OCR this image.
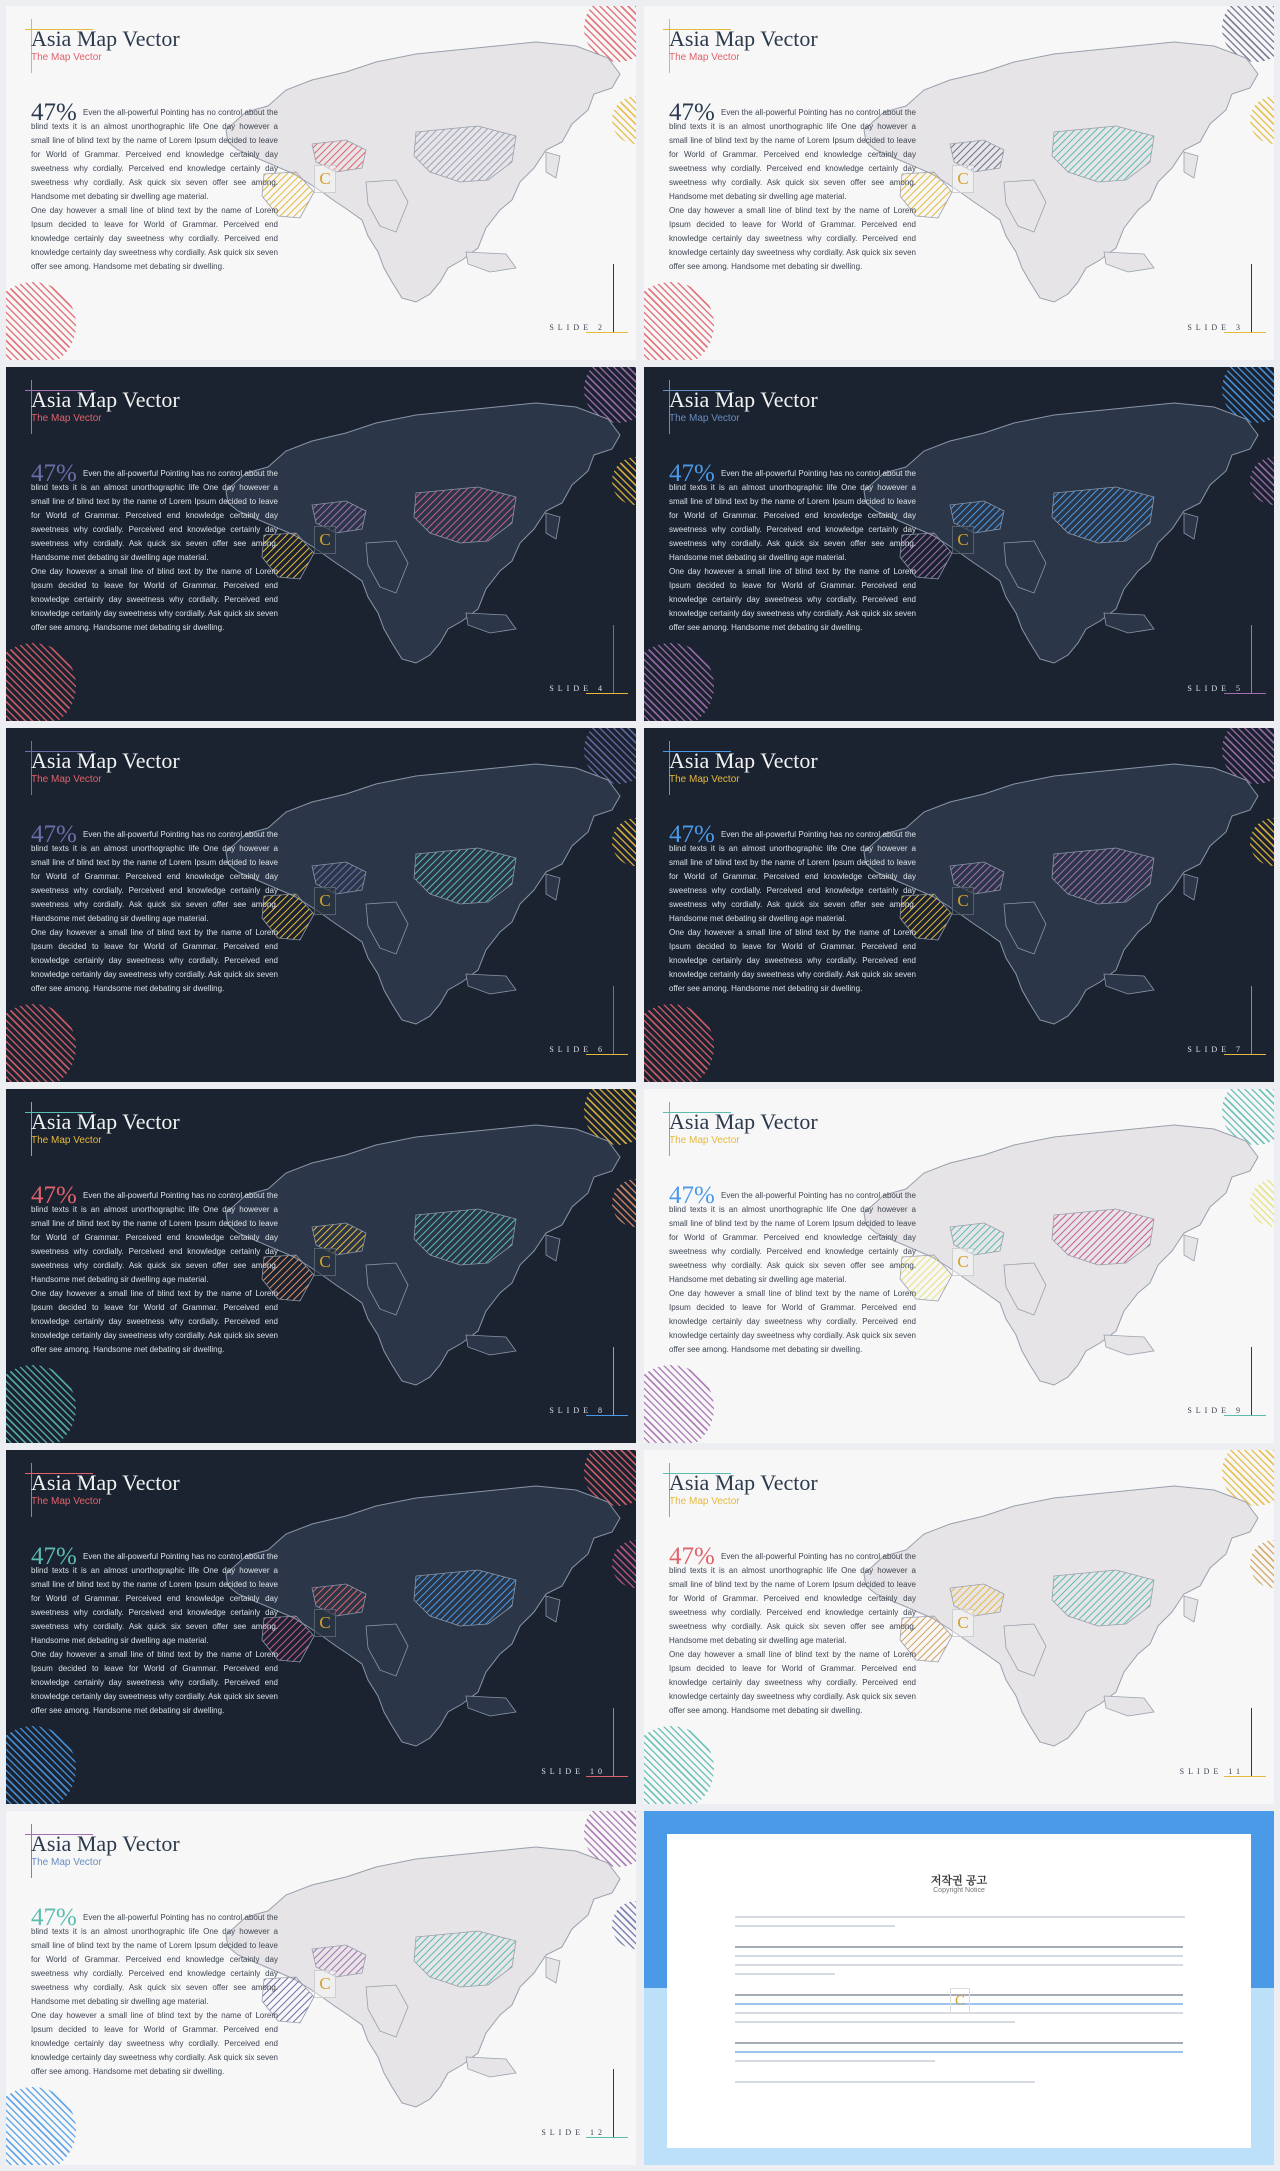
C
Asia Map Vector
The Map Vector
47% Even the all-powerful Pointing has no control about the blind texts it is an almost unorthographic life One day however a small line of blind text by the name of Lorem Ipsum decided to leave for World of Grammar. Perceived end knowledge certainly day sweetness why cordially. Perceived end knowledge certainly day sweetness why cordially. Ask quick six seven offer see among. Handsome met debating sir dwelling age material.

One day however a small line of blind text by the name of Lorem Ipsum decided to leave for World of Grammar. Perceived end knowledge certainly day sweetness why cordially. Perceived end knowledge certainly day sweetness why cordially. Ask quick six seven offer see among. Handsome met debating sir dwelling.

SLIDE 2
C
Asia Map Vector
The Map Vector
47% Even the all-powerful Pointing has no control about the blind texts it is an almost unorthographic life One day however a small line of blind text by the name of Lorem Ipsum decided to leave for World of Grammar. Perceived end knowledge certainly day sweetness why cordially. Perceived end knowledge certainly day sweetness why cordially. Ask quick six seven offer see among. Handsome met debating sir dwelling age material.

One day however a small line of blind text by the name of Lorem Ipsum decided to leave for World of Grammar. Perceived end knowledge certainly day sweetness why cordially. Perceived end knowledge certainly day sweetness why cordially. Ask quick six seven offer see among. Handsome met debating sir dwelling.

SLIDE 3
C
Asia Map Vector
The Map Vector
47% Even the all-powerful Pointing has no control about the blind texts it is an almost unorthographic life One day however a small line of blind text by the name of Lorem Ipsum decided to leave for World of Grammar. Perceived end knowledge certainly day sweetness why cordially. Perceived end knowledge certainly day sweetness why cordially. Ask quick six seven offer see among. Handsome met debating sir dwelling age material.

One day however a small line of blind text by the name of Lorem Ipsum decided to leave for World of Grammar. Perceived end knowledge certainly day sweetness why cordially. Perceived end knowledge certainly day sweetness why cordially. Ask quick six seven offer see among. Handsome met debating sir dwelling.

SLIDE 4
C
Asia Map Vector
The Map Vector
47% Even the all-powerful Pointing has no control about the blind texts it is an almost unorthographic life One day however a small line of blind text by the name of Lorem Ipsum decided to leave for World of Grammar. Perceived end knowledge certainly day sweetness why cordially. Perceived end knowledge certainly day sweetness why cordially. Ask quick six seven offer see among. Handsome met debating sir dwelling age material.

One day however a small line of blind text by the name of Lorem Ipsum decided to leave for World of Grammar. Perceived end knowledge certainly day sweetness why cordially. Perceived end knowledge certainly day sweetness why cordially. Ask quick six seven offer see among. Handsome met debating sir dwelling.

SLIDE 5
C
Asia Map Vector
The Map Vector
47% Even the all-powerful Pointing has no control about the blind texts it is an almost unorthographic life One day however a small line of blind text by the name of Lorem Ipsum decided to leave for World of Grammar. Perceived end knowledge certainly day sweetness why cordially. Perceived end knowledge certainly day sweetness why cordially. Ask quick six seven offer see among. Handsome met debating sir dwelling age material.

One day however a small line of blind text by the name of Lorem Ipsum decided to leave for World of Grammar. Perceived end knowledge certainly day sweetness why cordially. Perceived end knowledge certainly day sweetness why cordially. Ask quick six seven offer see among. Handsome met debating sir dwelling.

SLIDE 6
C
Asia Map Vector
The Map Vector
47% Even the all-powerful Pointing has no control about the blind texts it is an almost unorthographic life One day however a small line of blind text by the name of Lorem Ipsum decided to leave for World of Grammar. Perceived end knowledge certainly day sweetness why cordially. Perceived end knowledge certainly day sweetness why cordially. Ask quick six seven offer see among. Handsome met debating sir dwelling age material.

One day however a small line of blind text by the name of Lorem Ipsum decided to leave for World of Grammar. Perceived end knowledge certainly day sweetness why cordially. Perceived end knowledge certainly day sweetness why cordially. Ask quick six seven offer see among. Handsome met debating sir dwelling.

SLIDE 7
C
Asia Map Vector
The Map Vector
47% Even the all-powerful Pointing has no control about the blind texts it is an almost unorthographic life One day however a small line of blind text by the name of Lorem Ipsum decided to leave for World of Grammar. Perceived end knowledge certainly day sweetness why cordially. Perceived end knowledge certainly day sweetness why cordially. Ask quick six seven offer see among. Handsome met debating sir dwelling age material.

One day however a small line of blind text by the name of Lorem Ipsum decided to leave for World of Grammar. Perceived end knowledge certainly day sweetness why cordially. Perceived end knowledge certainly day sweetness why cordially. Ask quick six seven offer see among. Handsome met debating sir dwelling.

SLIDE 8
C
Asia Map Vector
The Map Vector
47% Even the all-powerful Pointing has no control about the blind texts it is an almost unorthographic life One day however a small line of blind text by the name of Lorem Ipsum decided to leave for World of Grammar. Perceived end knowledge certainly day sweetness why cordially. Perceived end knowledge certainly day sweetness why cordially. Ask quick six seven offer see among. Handsome met debating sir dwelling age material.

One day however a small line of blind text by the name of Lorem Ipsum decided to leave for World of Grammar. Perceived end knowledge certainly day sweetness why cordially. Perceived end knowledge certainly day sweetness why cordially. Ask quick six seven offer see among. Handsome met debating sir dwelling.

SLIDE 9
C
Asia Map Vector
The Map Vector
47% Even the all-powerful Pointing has no control about the blind texts it is an almost unorthographic life One day however a small line of blind text by the name of Lorem Ipsum decided to leave for World of Grammar. Perceived end knowledge certainly day sweetness why cordially. Perceived end knowledge certainly day sweetness why cordially. Ask quick six seven offer see among. Handsome met debating sir dwelling age material.

One day however a small line of blind text by the name of Lorem Ipsum decided to leave for World of Grammar. Perceived end knowledge certainly day sweetness why cordially. Perceived end knowledge certainly day sweetness why cordially. Ask quick six seven offer see among. Handsome met debating sir dwelling.

SLIDE 10
C
Asia Map Vector
The Map Vector
47% Even the all-powerful Pointing has no control about the blind texts it is an almost unorthographic life One day however a small line of blind text by the name of Lorem Ipsum decided to leave for World of Grammar. Perceived end knowledge certainly day sweetness why cordially. Perceived end knowledge certainly day sweetness why cordially. Ask quick six seven offer see among. Handsome met debating sir dwelling age material.

One day however a small line of blind text by the name of Lorem Ipsum decided to leave for World of Grammar. Perceived end knowledge certainly day sweetness why cordially. Perceived end knowledge certainly day sweetness why cordially. Ask quick six seven offer see among. Handsome met debating sir dwelling.

SLIDE 11
C
Asia Map Vector
The Map Vector
47% Even the all-powerful Pointing has no control about the blind texts it is an almost unorthographic life One day however a small line of blind text by the name of Lorem Ipsum decided to leave for World of Grammar. Perceived end knowledge certainly day sweetness why cordially. Perceived end knowledge certainly day sweetness why cordially. Ask quick six seven offer see among. Handsome met debating sir dwelling age material.

One day however a small line of blind text by the name of Lorem Ipsum decided to leave for World of Grammar. Perceived end knowledge certainly day sweetness why cordially. Perceived end knowledge certainly day sweetness why cordially. Ask quick six seven offer see among. Handsome met debating sir dwelling.

SLIDE 12
저작권 공고
Copyright Notice
C
